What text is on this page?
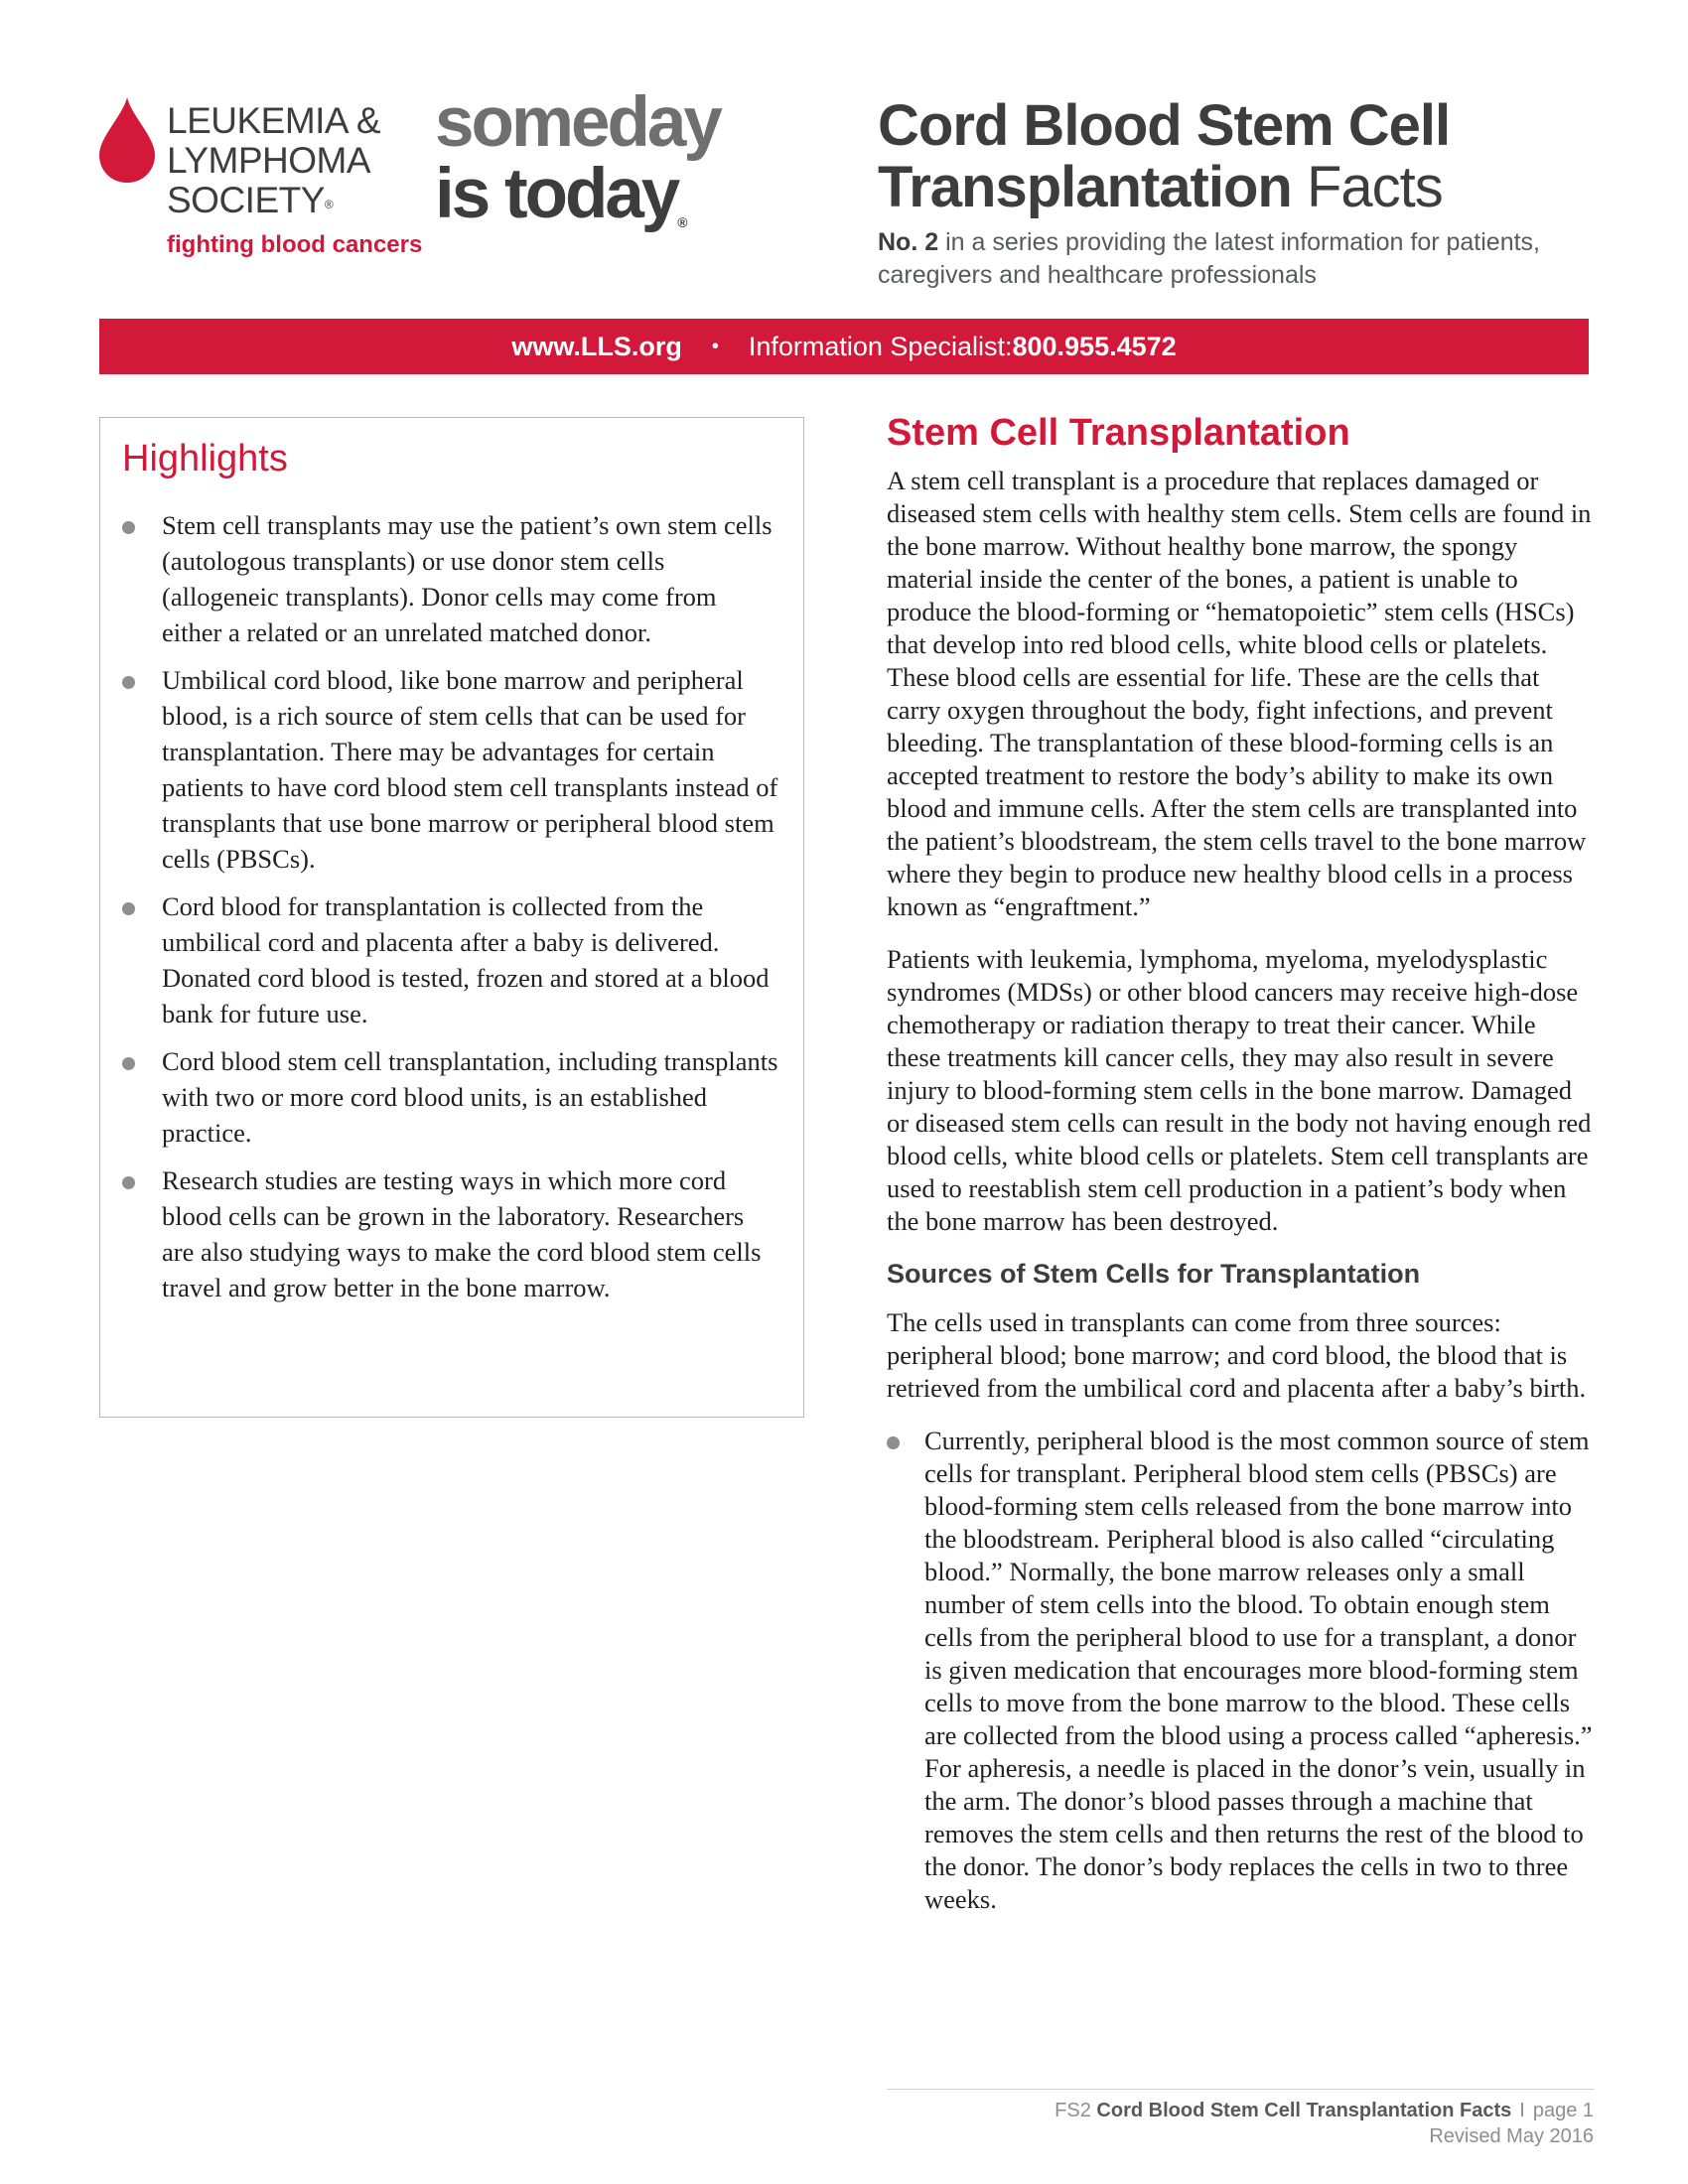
LEUKEMIA &
LYMPHOMA
SOCIETY®
fighting blood cancers
someday
is today®
Cord Blood Stem Cell
Transplantation Facts
No. 2 in a series providing the latest information for patients, caregivers and healthcare professionals
www.LLS.org • Information Specialist: 800.955.4572
Highlights
Stem cell transplants may use the patient’s own stem cells (autologous transplants) or use donor stem cells (allogeneic transplants). Donor cells may come from either a related or an unrelated matched donor.
Umbilical cord blood, like bone marrow and peripheral blood, is a rich source of stem cells that can be used for transplantation. There may be advantages for certain patients to have cord blood stem cell transplants instead of transplants that use bone marrow or peripheral blood stem cells (PBSCs).
Cord blood for transplantation is collected from the umbilical cord and placenta after a baby is delivered. Donated cord blood is tested, frozen and stored at a blood bank for future use.
Cord blood stem cell transplantation, including transplants with two or more cord blood units, is an established practice.
Research studies are testing ways in which more cord blood cells can be grown in the laboratory. Researchers are also studying ways to make the cord blood stem cells travel and grow better in the bone marrow.
Stem Cell Transplantation

A stem cell transplant is a procedure that replaces damaged or diseased stem cells with healthy stem cells. Stem cells are found in the bone marrow. Without healthy bone marrow, the spongy material inside the center of the bones, a patient is unable to produce the blood-forming or “hematopoietic” stem cells (HSCs) that develop into red blood cells, white blood cells or platelets. These blood cells are essential for life. These are the cells that carry oxygen throughout the body, fight infections, and prevent bleeding. The transplantation of these blood-forming cells is an accepted treatment to restore the body’s ability to make its own blood and immune cells. After the stem cells are transplanted into the patient’s bloodstream, the stem cells travel to the bone marrow where they begin to produce new healthy blood cells in a process known as “engraftment.”

Patients with leukemia, lymphoma, myeloma, myelodysplastic syndromes (MDSs) or other blood cancers may receive high-dose chemotherapy or radiation therapy to treat their cancer. While these treatments kill cancer cells, they may also result in severe injury to blood-forming stem cells in the bone marrow. Damaged or diseased stem cells can result in the body not having enough red blood cells, white blood cells or platelets. Stem cell transplants are used to reestablish stem cell production in a patient’s body when the bone marrow has been destroyed.

Sources of Stem Cells for Transplantation

The cells used in transplants can come from three sources: peripheral blood; bone marrow; and cord blood, the blood that is retrieved from the umbilical cord and placenta after a baby’s birth.

Currently, peripheral blood is the most common source of stem cells for transplant. Peripheral blood stem cells (PBSCs) are blood-forming stem cells released from the bone marrow into the bloodstream. Peripheral blood is also called “circulating blood.” Normally, the bone marrow releases only a small number of stem cells into the blood. To obtain enough stem cells from the peripheral blood to use for a transplant, a donor is given medication that encourages more blood-forming stem cells to move from the bone marrow to the blood. These cells are collected from the blood using a process called “apheresis.” For apheresis, a needle is placed in the donor’s vein, usually in the arm. The donor’s blood passes through a machine that removes the stem cells and then returns the rest of the blood to the donor. The donor’s body replaces the cells in two to three weeks.
FS2 Cord Blood Stem Cell Transplantation Facts I page 1
Revised May 2016
